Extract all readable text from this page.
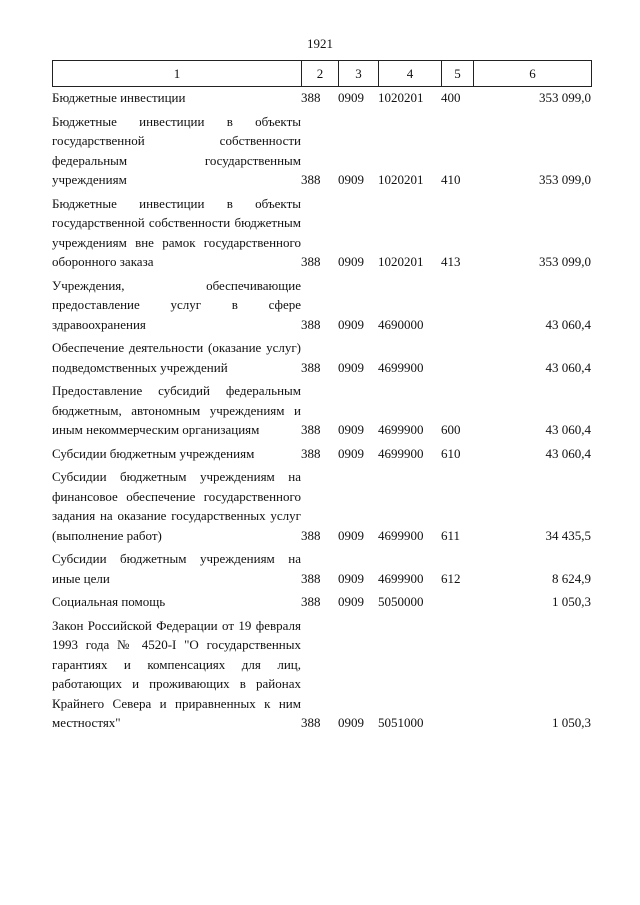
1921
1	2	3	4	5	6
Бюджетные инвестиции	388	0909	1020201	400	353 099,0
Бюджетные инвестиции в объекты государственной собственности федеральным государственным учреждениям	388	0909	1020201	410	353 099,0
Бюджетные инвестиции в объекты государственной собственности бюджетным учреждениям вне рамок государственного оборонного заказа	388	0909	1020201	413	353 099,0
Учреждения, обеспечивающие предоставление услуг в сфере здравоохранения	388	0909	4690000		43 060,4
Обеспечение деятельности (оказание услуг) подведомственных учреждений	388	0909	4699900		43 060,4
Предоставление субсидий федеральным бюджетным, автономным учреждениям и иным некоммерческим организациям	388	0909	4699900	600	43 060,4
Субсидии бюджетным учреждениям	388	0909	4699900	610	43 060,4
Субсидии бюджетным учреждениям на финансовое обеспечение государственного задания на оказание государственных услуг (выполнение работ)	388	0909	4699900	611	34 435,5
Субсидии бюджетным учреждениям на иные цели	388	0909	4699900	612	8 624,9
Социальная помощь	388	0909	5050000		1 050,3
Закон Российской Федерации от 19 февраля 1993 года № 4520-I "О государственных гарантиях и компенсациях для лиц, работающих и проживающих в районах Крайнего Севера и приравненных к ним местностях"	388	0909	5051000		1 050,3
